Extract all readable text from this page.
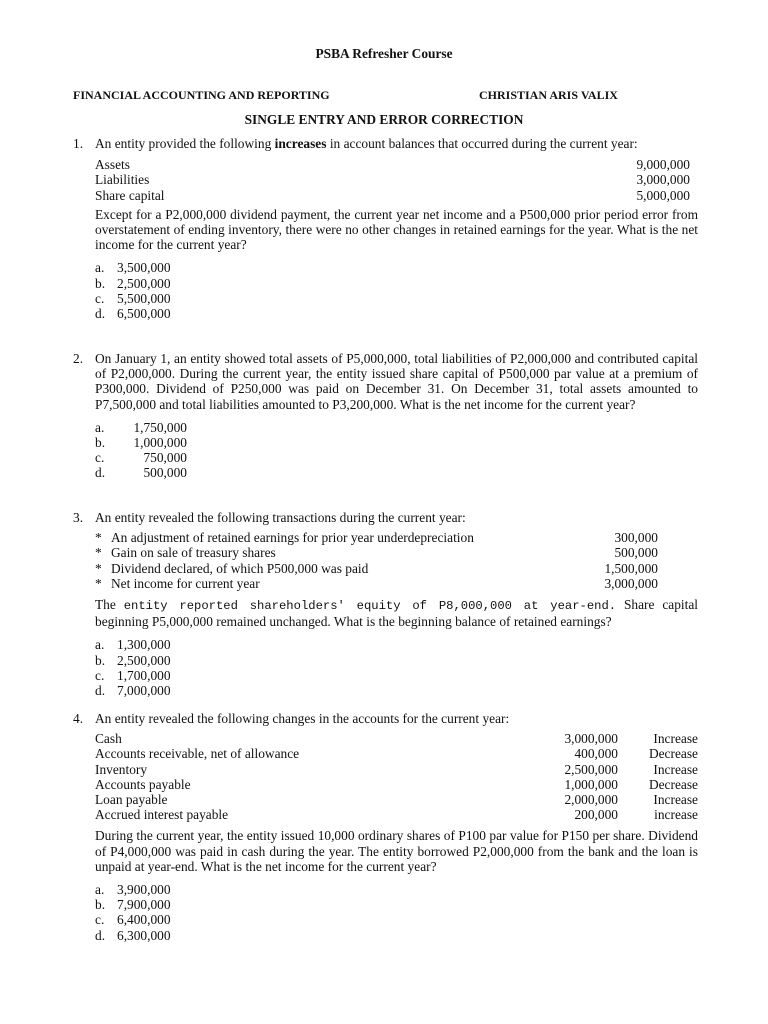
PSBA Refresher Course
FINANCIAL ACCOUNTING AND REPORTING	CHRISTIAN ARIS VALIX
SINGLE ENTRY AND ERROR CORRECTION
1. An entity provided the following increases in account balances that occurred during the current year:
Assets	9,000,000
Liabilities	3,000,000
Share capital	5,000,000
Except for a P2,000,000 dividend payment, the current year net income and a P500,000 prior period error from overstatement of ending inventory, there were no other changes in retained earnings for the year. What is the net income for the current year?
a. 3,500,000
b. 2,500,000
c. 5,500,000
d. 6,500,000
2. On January 1, an entity showed total assets of P5,000,000, total liabilities of P2,000,000 and contributed capital of P2,000,000. During the current year, the entity issued share capital of P500,000 par value at a premium of P300,000. Dividend of P250,000 was paid on December 31. On December 31, total assets amounted to P7,500,000 and total liabilities amounted to P3,200,000. What is the net income for the current year?
a.	1,750,000
b.	1,000,000
c.	750,000
d.	500,000
3. An entity revealed the following transactions during the current year:
* An adjustment of retained earnings for prior year underdepreciation	300,000
* Gain on sale of treasury shares	500,000
* Dividend declared, of which P500,000 was paid	1,500,000
* Net income for current year	3,000,000
The entity reported shareholders' equity of P8,000,000 at year-end. Share capital beginning P5,000,000 remained unchanged. What is the beginning balance of retained earnings?
a. 1,300,000
b. 2,500,000
c. 1,700,000
d. 7,000,000
4. An entity revealed the following changes in the accounts for the current year:
Cash	3,000,000	Increase
Accounts receivable, net of allowance	400,000	Decrease
Inventory	2,500,000	Increase
Accounts payable	1,000,000	Decrease
Loan payable	2,000,000	Increase
Accrued interest payable	200,000	increase
During the current year, the entity issued 10,000 ordinary shares of P100 par value for P150 per share. Dividend of P4,000,000 was paid in cash during the year. The entity borrowed P2,000,000 from the bank and the loan is unpaid at year-end. What is the net income for the current year?
a. 3,900,000
b. 7,900,000
c. 6,400,000
d. 6,300,000
